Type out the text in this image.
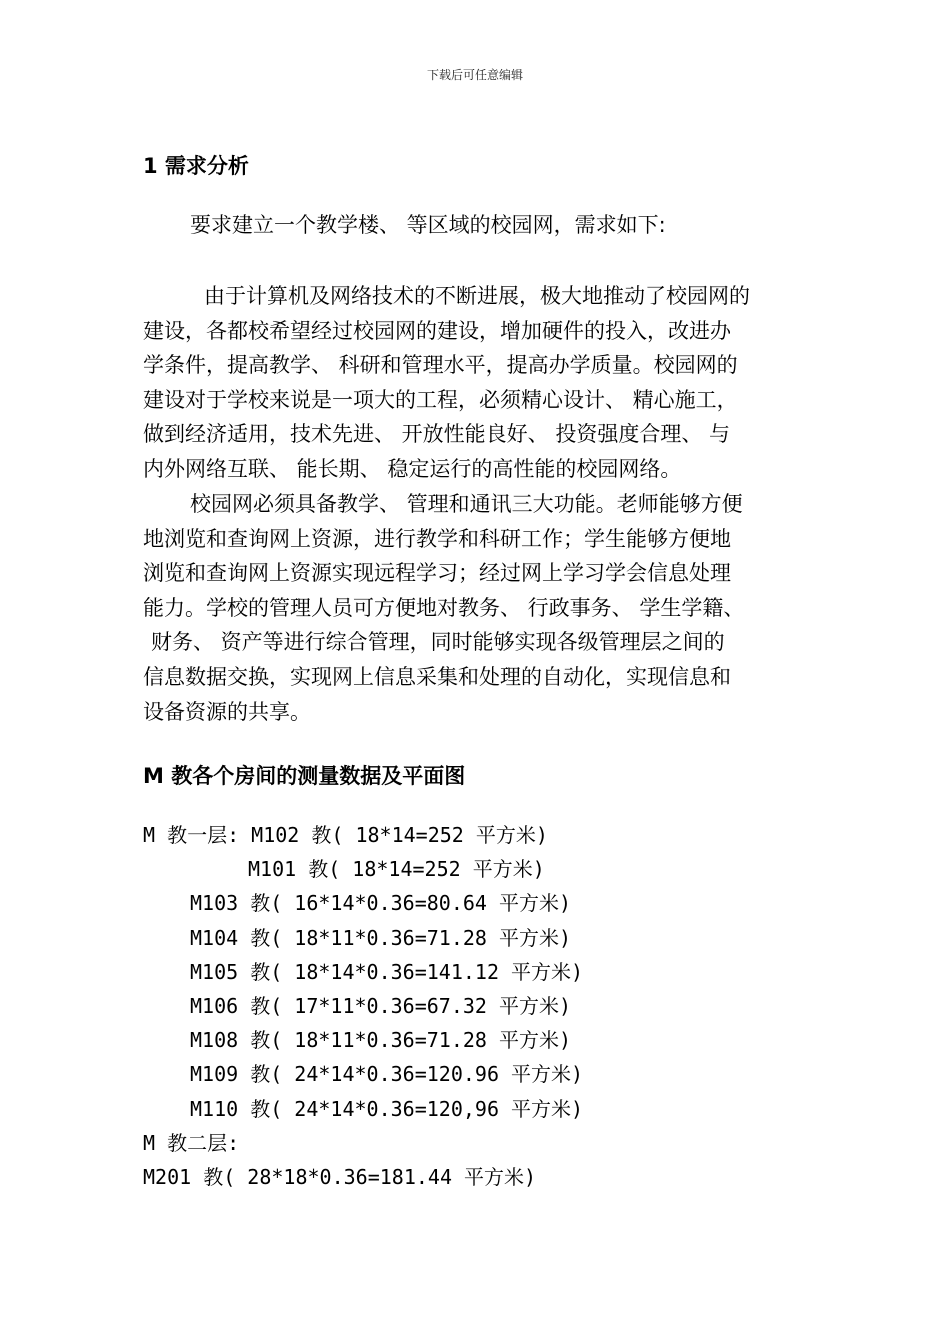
下载后可任意编辑
1 需求分析
要求建立一个教学楼、 等区域的校园网，需求如下:
由于计算机及网络技术的不断进展，极大地推动了校园网的
建设，各都校希望经过校园网的建设，增加硬件的投入，改进办
学条件，提高教学、 科研和管理水平，提高办学质量。校园网的
建设对于学校来说是一项大的工程，必须精心设计、 精心施工，
做到经济适用，技术先进、 开放性能良好、 投资强度合理、 与
内外网络互联、 能长期、 稳定运行的高性能的校园网络。
校园网必须具备教学、 管理和通讯三大功能。老师能够方便
地浏览和查询网上资源，进行教学和科研工作；学生能够方便地
浏览和查询网上资源实现远程学习；经过网上学习学会信息处理
能力。学校的管理人员可方便地对教务、 行政事务、 学生学籍、
财务、 资产等进行综合管理，同时能够实现各级管理层之间的
信息数据交换，实现网上信息采集和处理的自动化，实现信息和
设备资源的共享。
M 教各个房间的测量数据及平面图
M 教一层: M102 教( 18*14=252 平方米)
M101 教( 18*14=252 平方米)
M103 教( 16*14*0.36=80.64 平方米)
M104 教( 18*11*0.36=71.28 平方米)
M105 教( 18*14*0.36=141.12 平方米)
M106 教( 17*11*0.36=67.32 平方米)
M108 教( 18*11*0.36=71.28 平方米)
M109 教( 24*14*0.36=120.96 平方米)
M110 教( 24*14*0.36=120,96 平方米)
M 教二层:
M201 教( 28*18*0.36=181.44 平方米)
